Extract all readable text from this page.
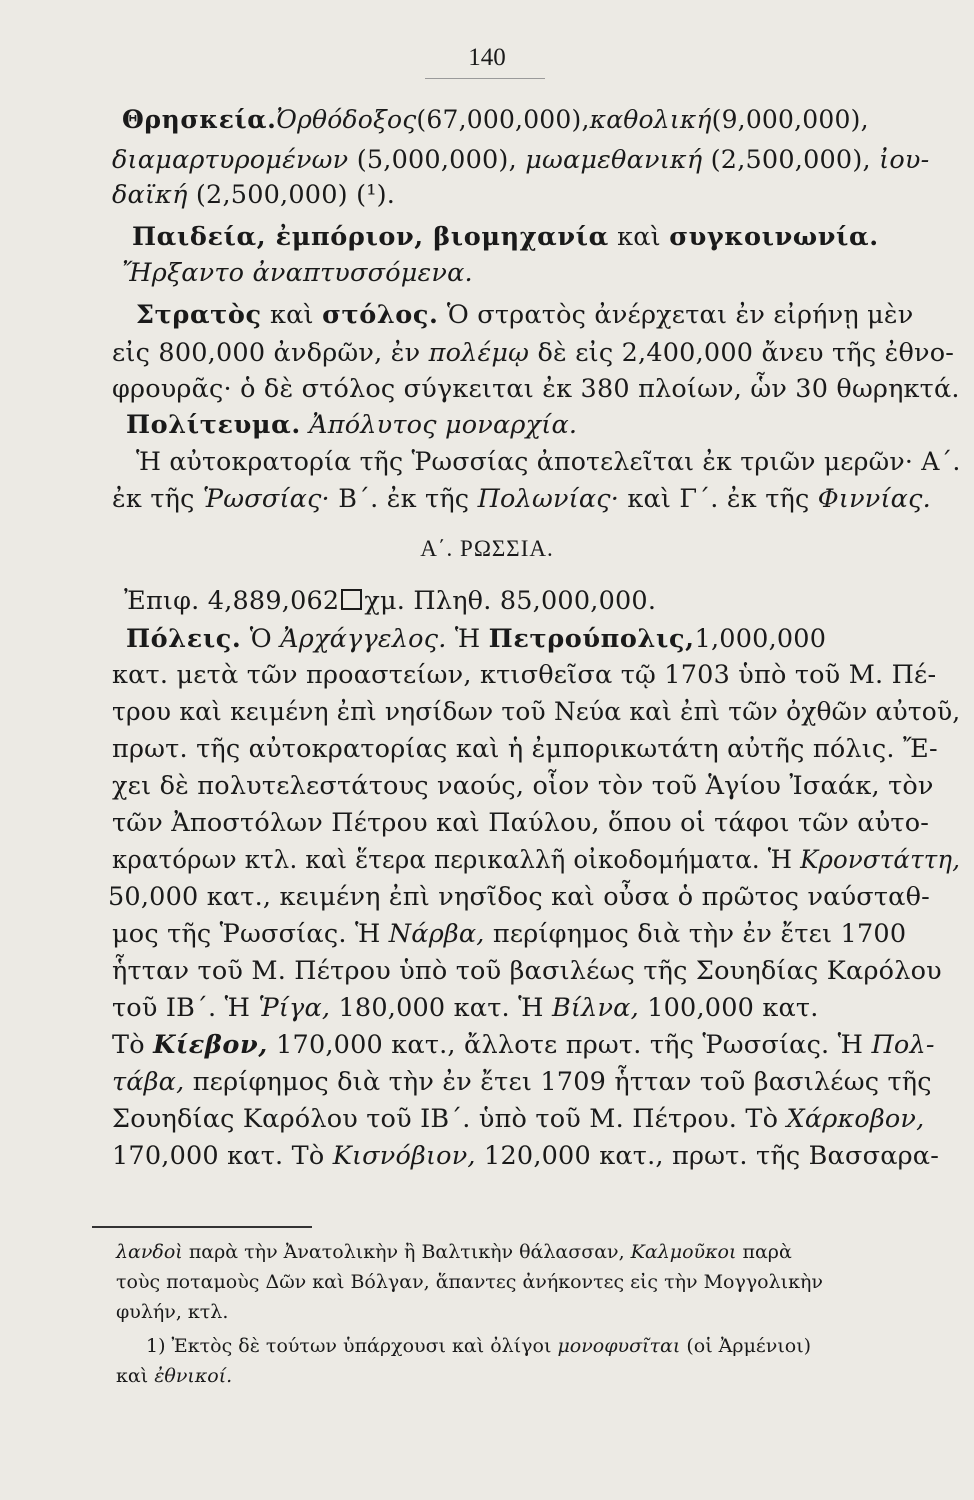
140
Θρησκεία.Ὀρθόδοξος(67,000,000),καθολική(9,000,000),
διαμαρτυρομένων (5,000,000), μωαμεθανική (2,500,000), ἰου-
δαϊκή (2,500,000) (¹).
Παιδεία, ἐμπόριον, βιομηχανία καὶ συγκοινωνία.
Ἤρξαντο ἀναπτυσσόμενα.
Στρατὸς καὶ στόλος. Ὁ στρατὸς ἀνέρχεται ἐν εἰρήνῃ μὲν
εἰς 800,000 ἀνδρῶν, ἐν πολέμῳ δὲ εἰς 2,400,000 ἄνευ τῆς ἐθνο-
φρουρᾶς· ὁ δὲ στόλος σύγκειται ἐκ 380 πλοίων, ὧν 30 θωρηκτά.
Πολίτευμα. Ἀπόλυτος μοναρχία.
Ἡ αὐτοκρατορία τῆς Ῥωσσίας ἀποτελεῖται ἐκ τριῶν μερῶν· Α΄.
ἐκ τῆς Ῥωσσίας· Β΄. ἐκ τῆς Πολωνίας· καὶ Γ΄. ἐκ τῆς Φιννίας.
Α΄. ΡΩΣΣΙΑ.
Ἐπιφ. 4,889,062 χμ. Πληθ. 85,000,000.
Πόλεις. Ὁ Ἀρχάγγελος. Ἡ Πετρούπολις,1,000,000
κατ. μετὰ τῶν προαστείων, κτισθεῖσα τῷ 1703 ὑπὸ τοῦ Μ. Πέ-
τρου καὶ κειμένη ἐπὶ νησίδων τοῦ Νεύα καὶ ἐπὶ τῶν ὀχθῶν αὐτοῦ,
πρωτ. τῆς αὐτοκρατορίας καὶ ἡ ἐμπορικωτάτη αὐτῆς πόλις. Ἔ-
χει δὲ πολυτελεστάτους ναούς, οἷον τὸν τοῦ Ἁγίου Ἰσαάκ, τὸν
τῶν Ἀποστόλων Πέτρου καὶ Παύλου, ὅπου οἱ τάφοι τῶν αὐτο-
κρατόρων κτλ. καὶ ἕτερα περικαλλῆ οἰκοδομήματα. Ἡ Κρονστάττη,
50,000 κατ., κειμένη ἐπὶ νησῖδος καὶ οὖσα ὁ πρῶτος ναύσταθ-
μος τῆς Ῥωσσίας. Ἡ Νάρβα, περίφημος διὰ τὴν ἐν ἔτει 1700
ἧτταν τοῦ Μ. Πέτρου ὑπὸ τοῦ βασιλέως τῆς Σουηδίας Καρόλου
τοῦ ΙΒ΄. Ἡ Ῥίγα, 180,000 κατ. Ἡ Βίλνα, 100,000 κατ.
Τὸ Κίεβον, 170,000 κατ., ἄλλοτε πρωτ. τῆς Ῥωσσίας. Ἡ Πολ-
τάβα, περίφημος διὰ τὴν ἐν ἔτει 1709 ἧτταν τοῦ βασιλέως τῆς
Σουηδίας Καρόλου τοῦ ΙΒ΄. ὑπὸ τοῦ Μ. Πέτρου. Τὸ Χάρκοβον,
170,000 κατ. Τὸ Κισνόβιον, 120,000 κατ., πρωτ. τῆς Βασσαρα-
λανδοὶ παρὰ τὴν Ἀνατολικὴν ἢ Βαλτικὴν θάλασσαν, Καλμοῦκοι παρὰ
τοὺς ποταμοὺς Δῶν καὶ Βόλγαν, ἅπαντες ἀνήκοντες εἰς τὴν Μογγολικὴν
φυλήν, κτλ.
1) Ἐκτὸς δὲ τούτων ὑπάρχουσι καὶ ὀλίγοι μονοφυσῖται (οἱ Ἀρμένιοι)
καὶ ἐθνικοί.
